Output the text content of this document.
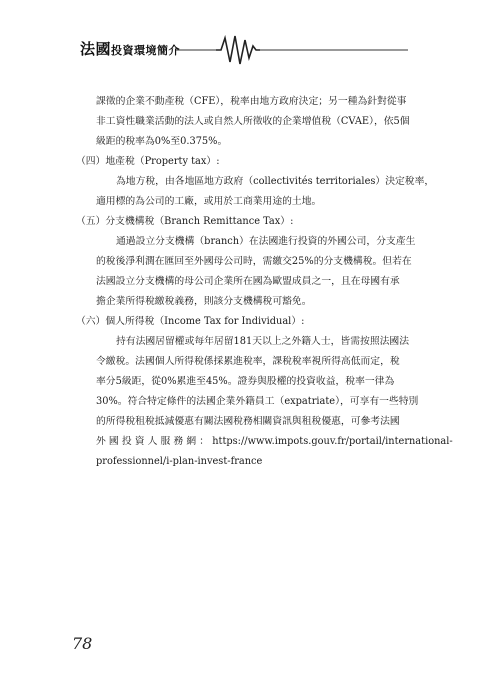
法國投資環境簡介
課徵的企業不動產稅（CFE），稅率由地方政府決定；另一種為針對從事
非工資性職業活動的法人或自然人所徵收的企業增值稅（CVAE），依5個
級距的稅率為0%至0.375%。
（四）地產稅（Property tax）:
為地方稅，由各地區地方政府（collectivités territoriales）決定稅率，
適用標的為公司的工廠，或用於工商業用途的土地。
（五）分支機構稅（Branch Remittance Tax）:
通過設立分支機構（branch）在法國進行投資的外國公司，分支產生
的稅後淨利潤在匯回至外國母公司時，需繳交25%的分支機構稅。但若在
法國設立分支機構的母公司企業所在國為歐盟成員之一，且在母國有承
擔企業所得稅繳稅義務，則該分支機構稅可豁免。
（六）個人所得稅（Income Tax for Individual）:
持有法國居留權或每年居留181天以上之外籍人士，皆需按照法國法
令繳稅。法國個人所得稅係採累進稅率，課稅稅率視所得高低而定，稅
率分5級距，從0%累進至45%。證券與股權的投資收益，稅率一律為
30%。符合特定條件的法國企業外籍員工（expatriate），可享有一些特別
的所得稅租稅抵減優惠有關法國稅務相關資訊與租稅優惠，可參考法國
外 國 投 資 人 服 務 網 ： https://www.impots.gouv.fr/portail/international-
professionnel/i-plan-invest-france
78
